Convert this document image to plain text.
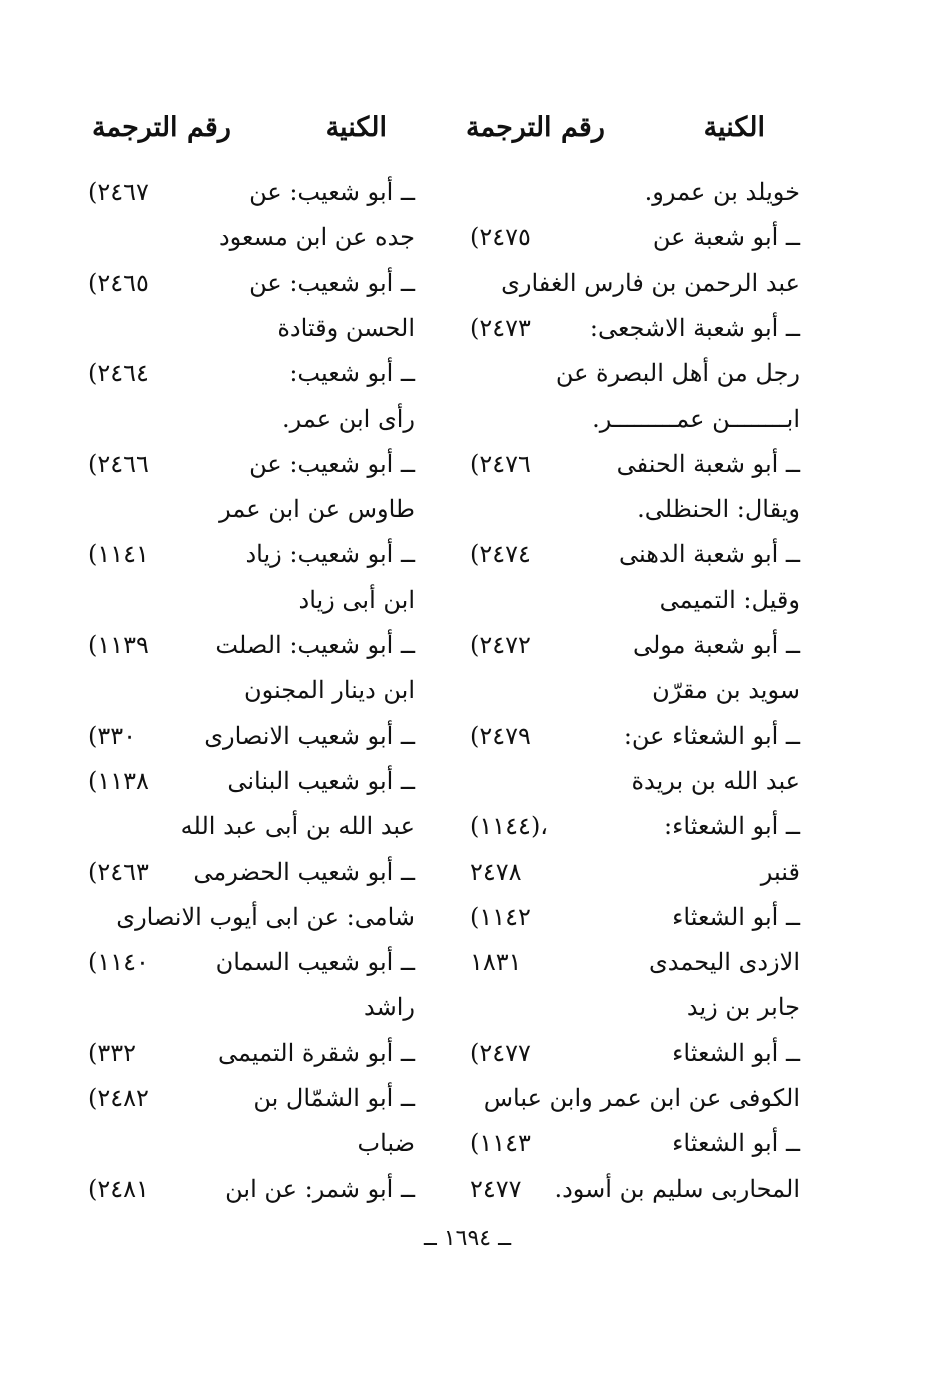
الكنية
رقم الترجمة
الكنية
رقم الترجمة
خويلد بن عمرو.
ــ أبو شعيب: عن
(٢٤٦٧
ــ أبو شعبة عن
(٢٤٧٥
جده عن ابن مسعود
عبد الرحمن بن فارس الغفارى
ــ أبو شعيب: عن
(٢٤٦٥
ــ أبو شعبة الاشجعى:
(٢٤٧٣
الحسن وقتادة
رجل من أهل البصرة عن
ــ أبو شعيب:
(٢٤٦٤
ابــــــــن عمـــــــــر.
رأى ابن عمر.
ــ أبو شعبة الحنفى
(٢٤٧٦
ــ أبو شعيب: عن
(٢٤٦٦
ويقال: الحنظلى.
طاوس عن ابن عمر
ــ أبو شعبة الدهنى
(٢٤٧٤
ــ أبو شعيب: زياد
(١١٤١
وقيل: التميمى
ابن أبى زياد
ــ أبو شعبة مولى
(٢٤٧٢
ــ أبو شعيب: الصلت
(١١٣٩
سويد بن مقرّن
ابن دينار المجنون
ــ أبو الشعثاء عن:
(٢٤٧٩
ــ أبو شعيب الانصارى
(٣٣٠
عبد الله بن بريدة
ــ أبو شعيب البنانى
(١١٣٨
ــ أبو الشعثاء:
(١١٤٤)،
عبد الله بن أبى عبد الله
قنبر
٢٤٧٨
ــ أبو شعيب الحضرمى
(٢٤٦٣
ــ أبو الشعثاء
(١١٤٢
شامى: عن ابى أيوب الانصارى
الازدى اليحمدى
١٨٣١
ــ أبو شعيب السمان
(١١٤٠
جابر بن زيد
راشد
ــ أبو الشعثاء
(٢٤٧٧
ــ أبو شقرة التميمى
(٣٣٢
الكوفى عن ابن عمر وابن عباس
ــ أبو الشمّال بن
(٢٤٨٢
ــ أبو الشعثاء
(١١٤٣
ضباب
المحاربى سليم بن أسود.
٢٤٧٧
ــ أبو شمر: عن ابن
(٢٤٨١
ــ ١٦٩٤ ــ
